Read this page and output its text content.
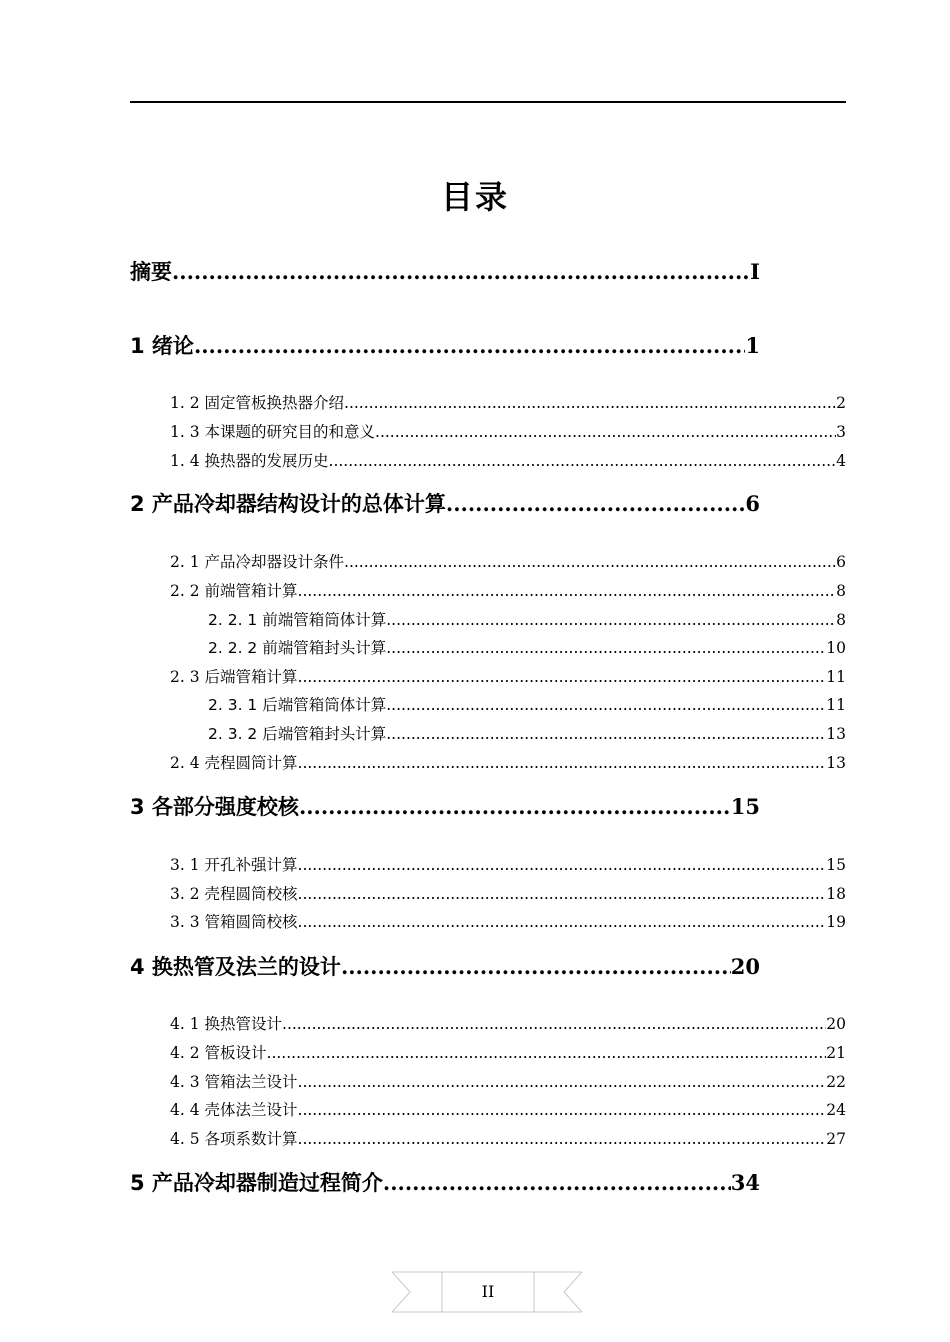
目录
摘要 .....	I
1 绪论 .....	1
1. 2 固定管板换热器介绍 .....	2
1. 3 本课题的研究目的和意义 .....	3
1. 4 换热器的发展历史 .....	4
2 产品冷却器结构设计的总体计算 .....	6
2. 1 产品冷却器设计条件 .....	6
2. 2 前端管箱计算 .....	8
2. 2. 1 前端管箱筒体计算 .....	8
2. 2. 2 前端管箱封头计算 .....	10
2. 3 后端管箱计算 .....	11
2. 3. 1 后端管箱筒体计算 .....	11
2. 3. 2 后端管箱封头计算 .....	13
2. 4 壳程圆筒计算 .....	13
3 各部分强度校核 .....	15
3. 1 开孔补强计算 .....	15
3. 2 壳程圆筒校核 .....	18
3. 3 管箱圆筒校核 .....	19
4 换热管及法兰的设计 .....	20
4. 1 换热管设计 .....	20
4. 2 管板设计 .....	21
4. 3 管箱法兰设计 .....	22
4. 4 壳体法兰设计 .....	24
4. 5 各项系数计算 .....	27
5 产品冷却器制造过程简介 .....	34
II
